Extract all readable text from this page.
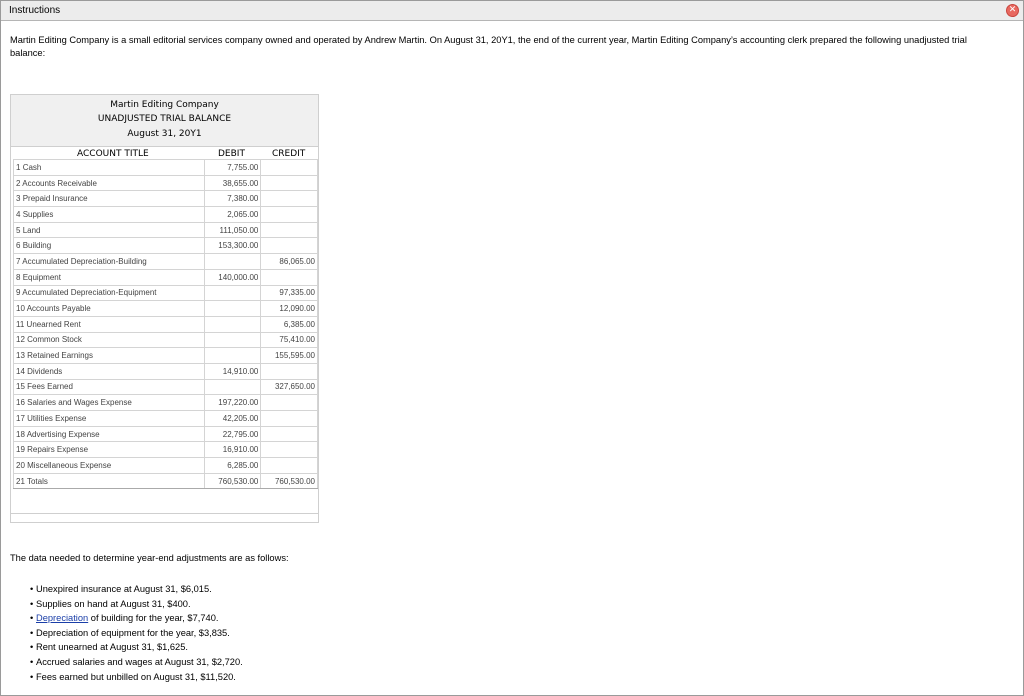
Instructions	✕
Martin Editing Company is a small editorial services company owned and operated by Andrew Martin. On August 31, 20Y1, the end of the current year, Martin Editing Company’s accounting clerk prepared the following unadjusted trial balance:
Martin Editing Company
UNADJUSTED TRIAL BALANCE
August 31, 20Y1
ACCOUNT TITLE	DEBIT	CREDIT
1 Cash	7,755.00	
2 Accounts Receivable	38,655.00	
3 Prepaid Insurance	7,380.00	
4 Supplies	2,065.00	
5 Land	111,050.00	
6 Building	153,300.00	
7 Accumulated Depreciation-Building		86,065.00
8 Equipment	140,000.00	
9 Accumulated Depreciation-Equipment		97,335.00
10 Accounts Payable		12,090.00
11 Unearned Rent		6,385.00
12 Common Stock		75,410.00
13 Retained Earnings		155,595.00
14 Dividends	14,910.00	
15 Fees Earned		327,650.00
16 Salaries and Wages Expense	197,220.00	
17 Utilities Expense	42,205.00	
18 Advertising Expense	22,795.00	
19 Repairs Expense	16,910.00	
20 Miscellaneous Expense	6,285.00	
21 Totals	760,530.00	760,530.00
The data needed to determine year-end adjustments are as follows:
• Unexpired insurance at August 31, $6,015.
• Supplies on hand at August 31, $400.
• Depreciation of building for the year, $7,740.
• Depreciation of equipment for the year, $3,835.
• Rent unearned at August 31, $1,625.
• Accrued salaries and wages at August 31, $2,720.
• Fees earned but unbilled on August 31, $11,520.
